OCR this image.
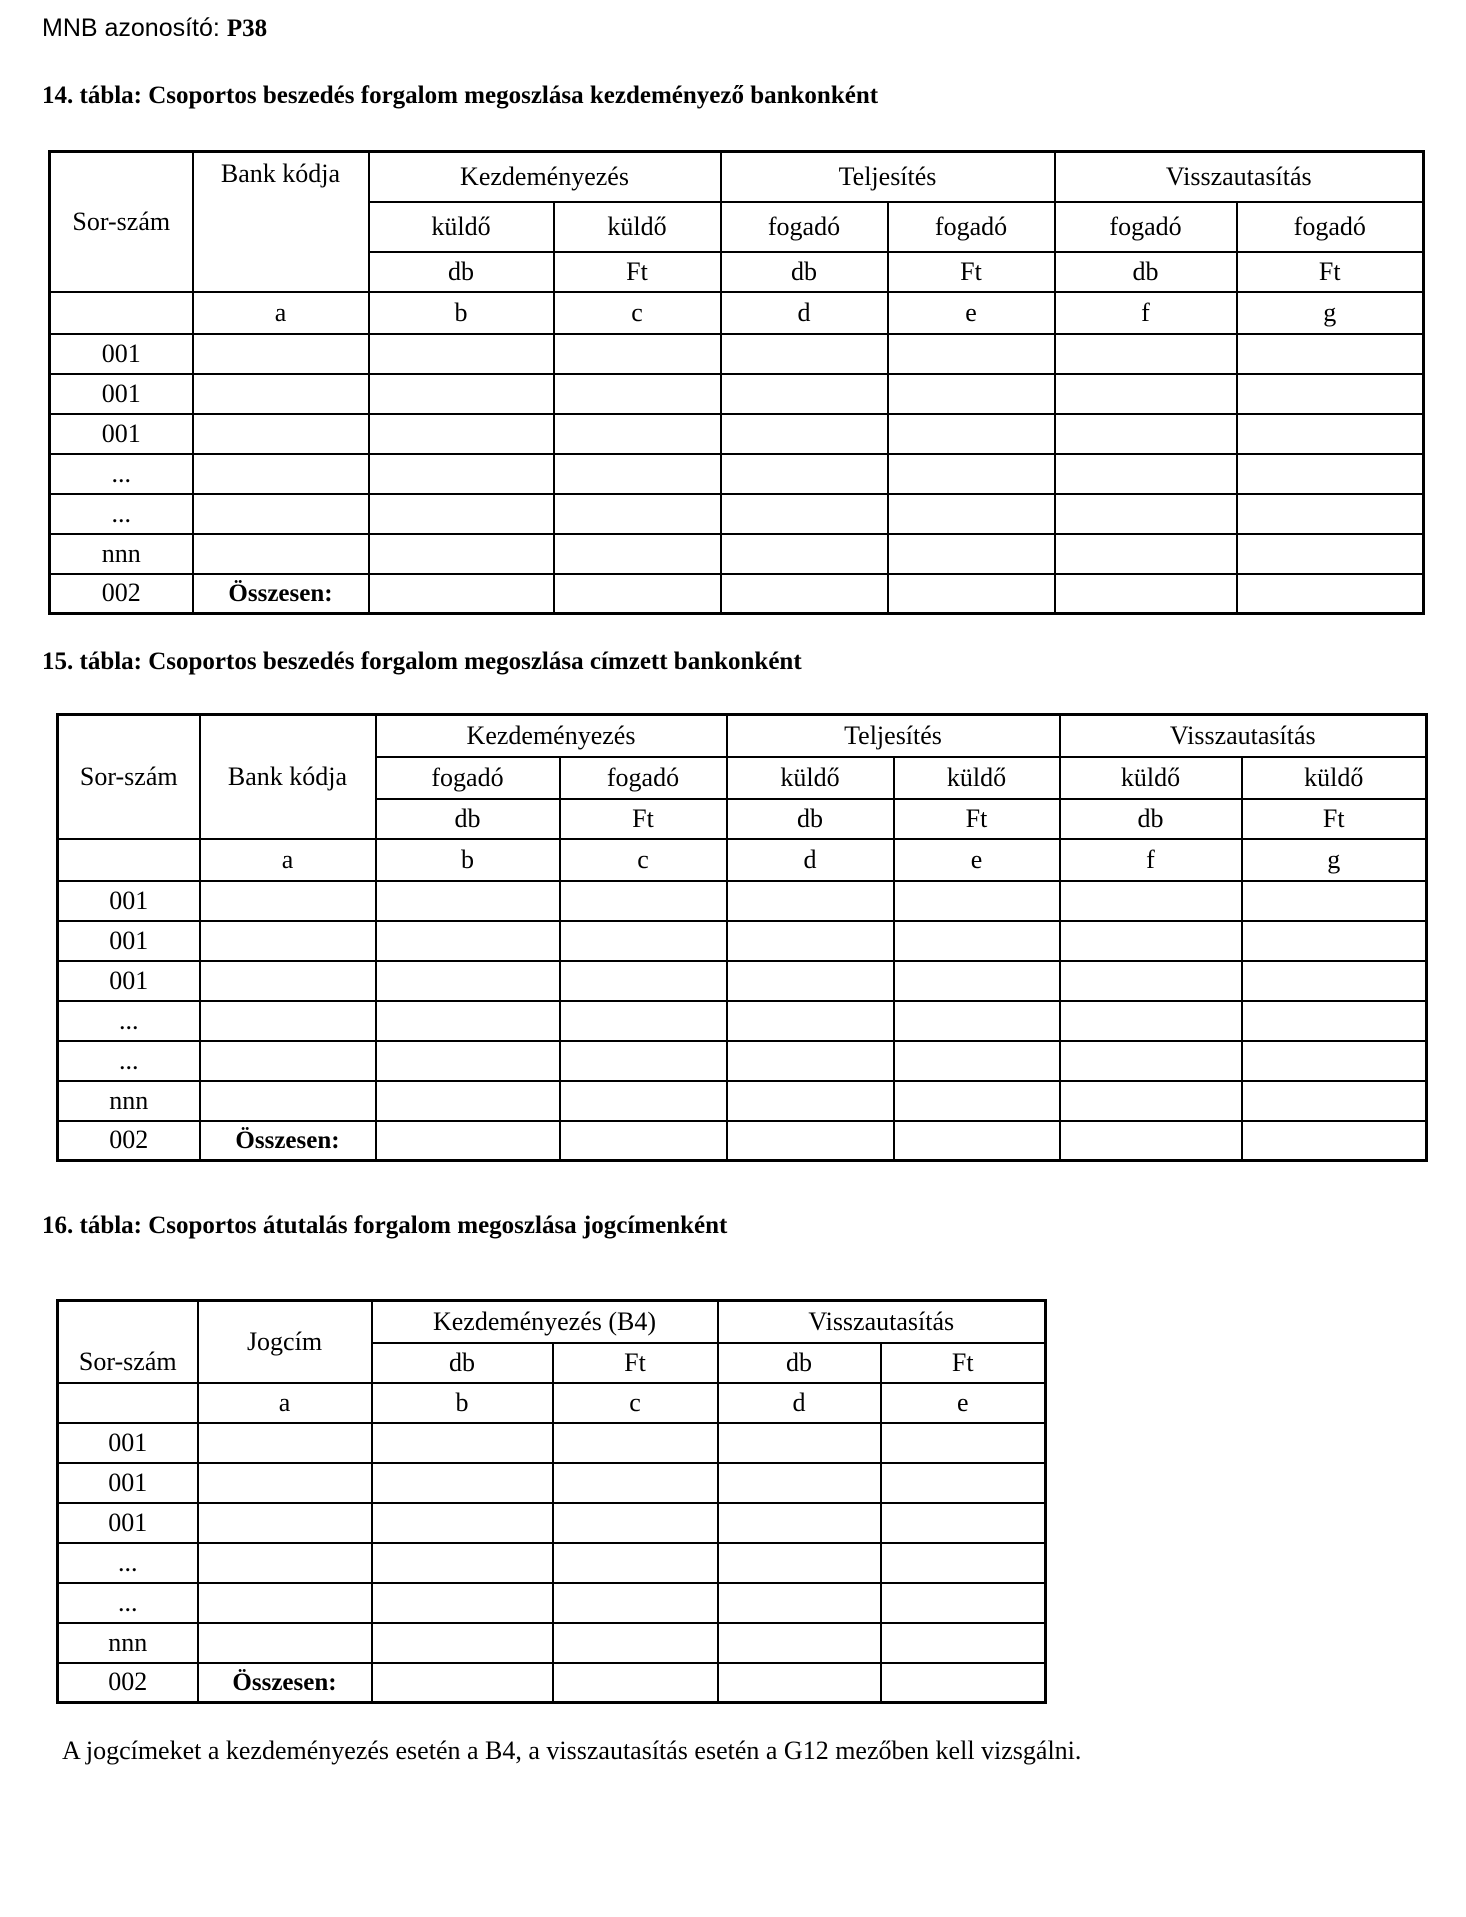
MNB azonosító: P38
14. tábla: Csoportos beszedés forgalom megoszlása kezdeményező bankonként
Sor-szám	Bank kódja	Kezdeményezés		Teljesítés		Visszautasítás	
		küldő	küldő	fogadó	fogadó	fogadó	fogadó
		db	Ft	db	Ft	db	Ft
	a	b	c	d	e	f	g
001							
001							
001							
...							
...							
nnn							
002	Összesen:						
15. tábla: Csoportos beszedés forgalom megoszlása címzett bankonként
Sor-szám	Bank kódja	Kezdeményezés		Teljesítés		Visszautasítás	
		fogadó	fogadó	küldő	küldő	küldő	küldő
		db	Ft	db	Ft	db	Ft
	a	b	c	d	e	f	g
001							
001							
001							
...							
...							
nnn							
002	Összesen:						
16. tábla: Csoportos átutalás forgalom megoszlása jogcímenként
Sor-szám	Jogcím	Kezdeményezés (B4)		Visszautasítás	
		db	Ft	db	Ft
	a	b	c	d	e
001					
001					
001					
...					
...					
nnn					
002	Összesen:				
A jogcímeket a kezdeményezés esetén a B4, a visszautasítás esetén a G12 mezőben kell vizsgálni.
